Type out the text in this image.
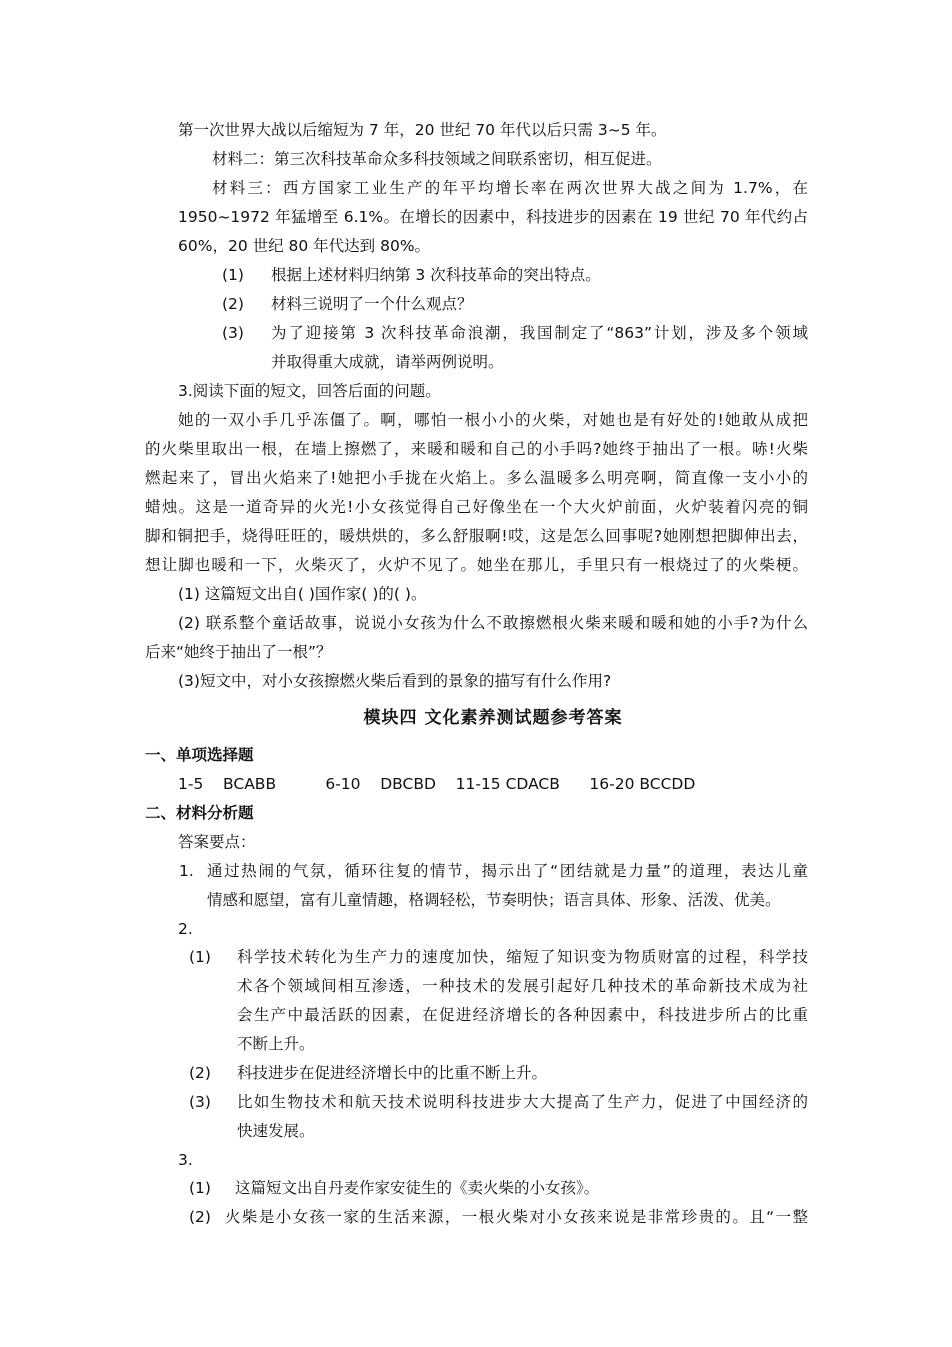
第一次世界大战以后缩短为 7 年，20 世纪 70 年代以后只需 3~5 年。
材料二：第三次科技革命众多科技领域之间联系密切，相互促进。
材料三：西方国家工业生产的年平均增长率在两次世界大战之间为 1.7%，在
1950~1972 年猛增至 6.1%。在增长的因素中，科技进步的因素在 19 世纪 70 年代约占
60%，20 世纪 80 年代达到 80%。
(1) 根据上述材料归纳第 3 次科技革命的突出特点。
(2) 材料三说明了一个什么观点？
(3) 为了迎接第 3 次科技革命浪潮，我国制定了“863”计划，涉及多个领域
并取得重大成就，请举两例说明。
3.阅读下面的短文，回答后面的问题。
她的一双小手几乎冻僵了。啊，哪怕一根小小的火柴，对她也是有好处的!她敢从成把
的火柴里取出一根，在墙上擦燃了，来暖和暖和自己的小手吗?她终于抽出了一根。哧!火柴
燃起来了，冒出火焰来了!她把小手拢在火焰上。多么温暖多么明亮啊，简直像一支小小的
蜡烛。这是一道奇异的火光!小女孩觉得自己好像坐在一个大火炉前面，火炉装着闪亮的铜
脚和铜把手，烧得旺旺的，暖烘烘的，多么舒服啊!哎，这是怎么回事呢?她刚想把脚伸出去，
想让脚也暖和一下，火柴灭了，火炉不见了。她坐在那儿，手里只有一根烧过了的火柴梗。
(1) 这篇短文出自( )国作家( )的( )。
(2) 联系整个童话故事，说说小女孩为什么不敢擦燃根火柴来暖和暖和她的小手?为什么
后来“她终于抽出了一根”？
(3)短文中，对小女孩擦燃火柴后看到的景象的描写有什么作用?
模块四 文化素养测试题参考答案
一、单项选择题
1-5    BCABB          6-10    DBCBD    11-15 CDACB      16-20 BCCDD
二、材料分析题
答案要点：
1. 通过热闹的气氛，循环往复的情节，揭示出了“团结就是力量”的道理，表达儿童
情感和愿望，富有儿童情趣，格调轻松，节奏明快；语言具体、形象、活泼、优美。
2.
(1) 科学技术转化为生产力的速度加快，缩短了知识变为物质财富的过程，科学技
术各个领域间相互渗透，一种技术的发展引起好几种技术的革命新技术成为社
会生产中最活跃的因素，在促进经济增长的各种因素中，科技进步所占的比重
不断上升。
(2) 科技进步在促进经济增长中的比重不断上升。
(3) 比如生物技术和航天技术说明科技进步大大提高了生产力，促进了中国经济的
快速发展。
3.
(1) 这篇短文出自丹麦作家安徒生的《卖火柴的小女孩》。
(2) 火柴是小女孩一家的生活来源，一根火柴对小女孩来说是非常珍贵的。且“一整
